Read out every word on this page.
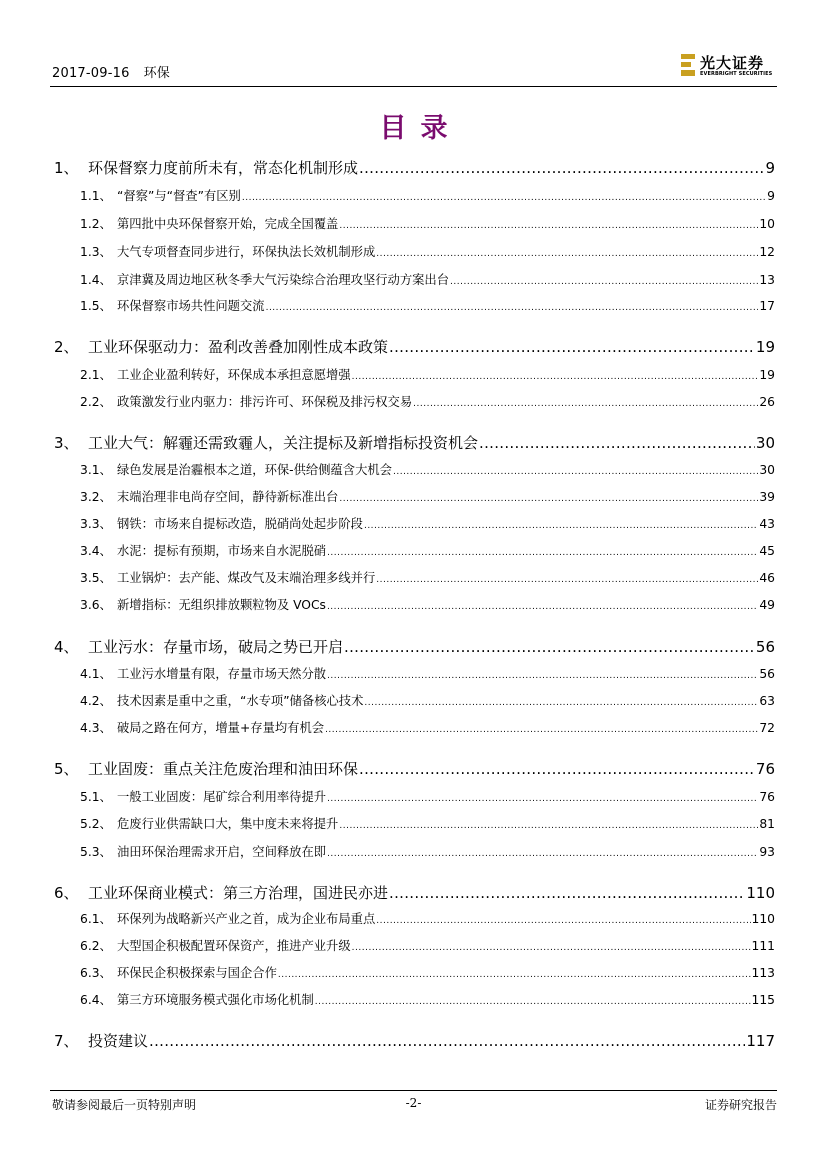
2017-09-16 环保
光大证券
EVERBRIGHT SECURITIES
目录
1、 环保督察力度前所未有，常态化机制形成 .....	9
1.1、 “督察”与“督查”有区别 .....	9
1.2、 第四批中央环保督察开始，完成全国覆盖 .....	10
1.3、 大气专项督查同步进行，环保执法长效机制形成 .....	12
1.4、 京津冀及周边地区秋冬季大气污染综合治理攻坚行动方案出台 .....	13
1.5、 环保督察市场共性问题交流 .....	17
2、 工业环保驱动力：盈利改善叠加刚性成本政策 .....	19
2.1、 工业企业盈利转好，环保成本承担意愿增强 .....	19
2.2、 政策激发行业内驱力：排污许可、环保税及排污权交易 .....	26
3、 工业大气：解霾还需致霾人，关注提标及新增指标投资机会 .....	30
3.1、 绿色发展是治霾根本之道，环保-供给侧蕴含大机会 .....	30
3.2、 末端治理非电尚存空间，静待新标准出台 .....	39
3.3、 钢铁：市场来自提标改造，脱硝尚处起步阶段 .....	43
3.4、 水泥：提标有预期，市场来自水泥脱硝 .....	45
3.5、 工业锅炉：去产能、煤改气及末端治理多线并行 .....	46
3.6、 新增指标：无组织排放颗粒物及 VOCs .....	49
4、 工业污水：存量市场，破局之势已开启 .....	56
4.1、 工业污水增量有限，存量市场天然分散 .....	56
4.2、 技术因素是重中之重，“水专项”储备核心技术 .....	63
4.3、 破局之路在何方，增量+存量均有机会 .....	72
5、 工业固废：重点关注危废治理和油田环保 .....	76
5.1、 一般工业固废：尾矿综合利用率待提升 .....	76
5.2、 危废行业供需缺口大，集中度未来将提升 .....	81
5.3、 油田环保治理需求开启，空间释放在即 .....	93
6、 工业环保商业模式：第三方治理，国进民亦进 .....	110
6.1、 环保列为战略新兴产业之首，成为企业布局重点 .....	110
6.2、 大型国企积极配置环保资产，推进产业升级 .....	111
6.3、 环保民企积极探索与国企合作 .....	113
6.4、 第三方环境服务模式强化市场化机制 .....	115
7、 投资建议 .....	117
敬请参阅最后一页特别声明	-2-	证券研究报告
